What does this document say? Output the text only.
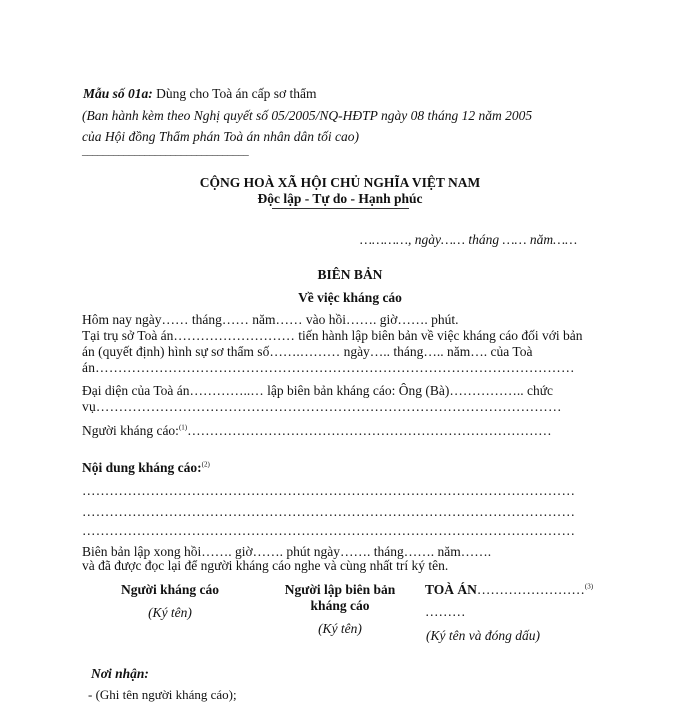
Mẫu số 01a: Dùng cho Toà án cấp sơ thẩm
(Ban hành kèm theo Nghị quyết số 05/2005/NQ-HĐTP ngày 08 tháng 12 năm 2005
của Hội đồng Thẩm phán Toà án nhân dân tối cao)
________________________________
CỘNG HOÀ XÃ HỘI CHỦ NGHĨA VIỆT NAM
Độc lập - Tự do - Hạnh phúc
…………, ngày…… tháng …… năm……
BIÊN BẢN
Về việc kháng cáo
Hôm nay ngày…… tháng…… năm…… vào hồi……. giờ……. phút.
Tại trụ sở Toà án……………………… tiến hành lập biên bản về việc kháng cáo đối với bản
án (quyết định) hình sự sơ thẩm số…….……… ngày….. tháng….. năm…. của Toà
án……………………………………………………………………………………………
Đại diện của Toà án…………..… lập biên bản kháng cáo: Ông (Bà)…………….. chức
vụ…………………………………………………………………………………………
Người kháng cáo:$^{(1)}$………………………………………………………………………
Nội dung kháng cáo:$^{(2)}$
………………………………………………………………………………………………
………………………………………………………………………………………………
………………………………………………………………………………………………
Biên bản lập xong hồi……. giờ……. phút ngày……. tháng……. năm…….
và đã được đọc lại để người kháng cáo nghe và cùng nhất trí ký tên.
Người kháng cáo
(Ký tên)
Người lập biên bản
kháng cáo
(Ký tên)
TOÀ ÁN……………………$^{(3)}$
………
(Ký tên và đóng dấu)
Nơi nhận:
- (Ghi tên người kháng cáo);
